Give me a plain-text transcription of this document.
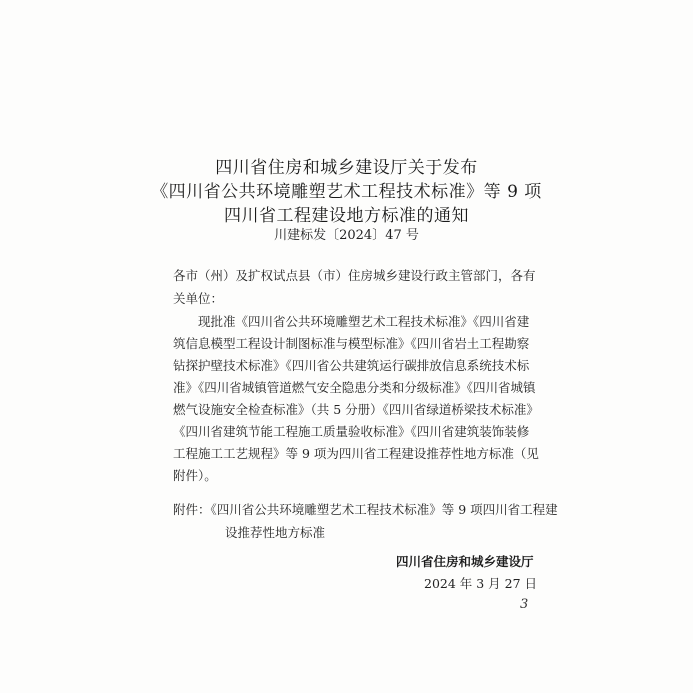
四川省住房和城乡建设厅关于发布
《四川省公共环境雕塑艺术工程技术标准》等 9 项
四川省工程建设地方标准的通知
川建标发〔2024〕47 号
各市（州）及扩权试点县（市）住房城乡建设行政主管部门，各有
关单位：
现批准《四川省公共环境雕塑艺术工程技术标准》《四川省建
筑信息模型工程设计制图标准与模型标准》《四川省岩土工程勘察
钻探护壁技术标准》《四川省公共建筑运行碳排放信息系统技术标
准》《四川省城镇管道燃气安全隐患分类和分级标准》《四川省城镇
燃气设施安全检查标准》（共 5 分册）《四川省绿道桥梁技术标准》
《四川省建筑节能工程施工质量验收标准》《四川省建筑装饰装修
工程施工工艺规程》等 9 项为四川省工程建设推荐性地方标准（见
附件）。
附件：《四川省公共环境雕塑艺术工程技术标准》等 9 项四川省工程建
设推荐性地方标准
四川省住房和城乡建设厅
2024 年 3 月 27 日
3
